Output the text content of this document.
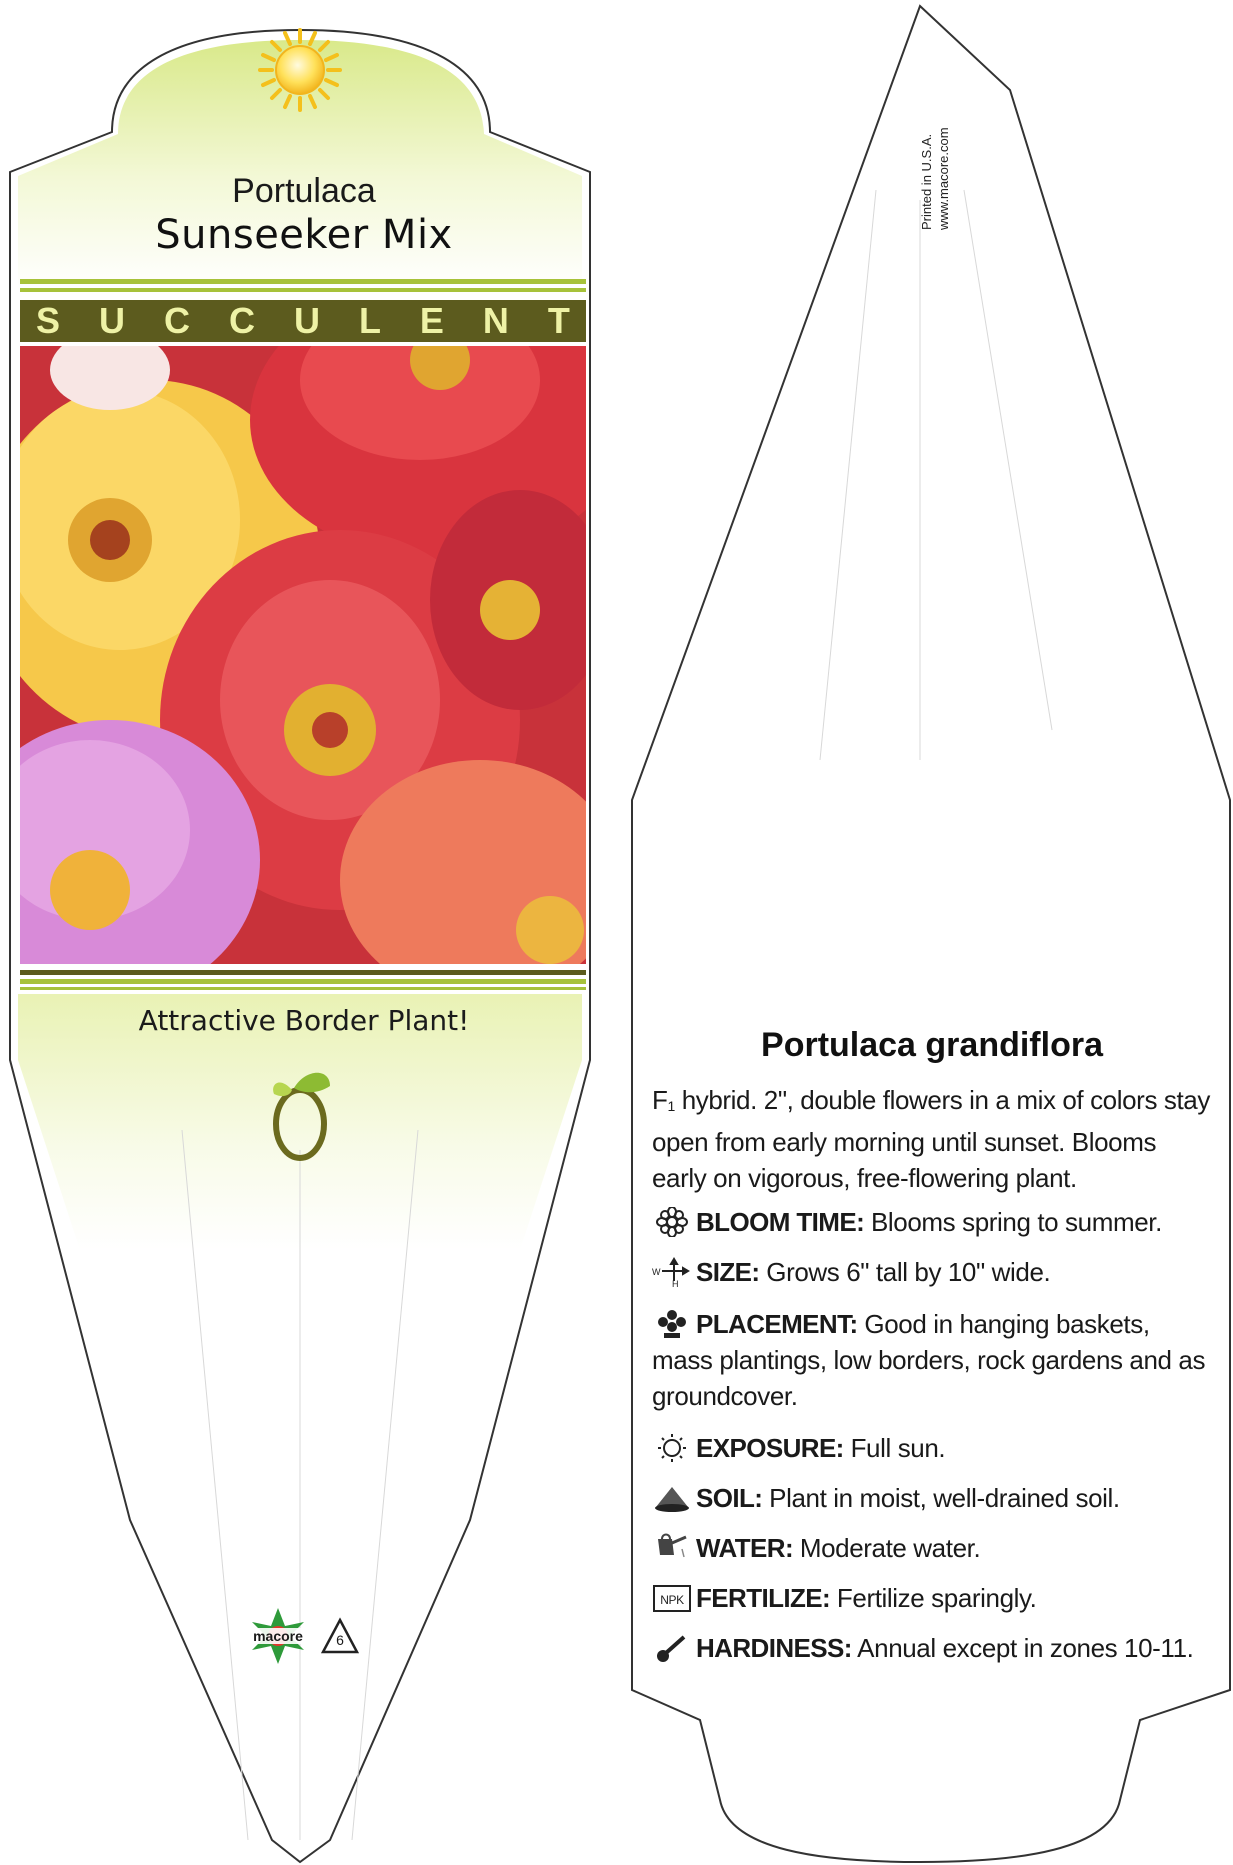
Portulaca
Sunseeker Mix
S U C C U L E N T
Attractive Border Plant!
macore	6
Printed in U.S.A. www.macore.com
Portulaca grandiflora
F1 hybrid. 2", double flowers in a mix of colors stay open from early morning until sunset. Blooms early on vigorous, free-flowering plant.
BLOOM TIME: Blooms spring to summer.
W
H SIZE: Grows 6" tall by 10" wide.
PLACEMENT: Good in hanging baskets, mass plantings, low borders, rock gardens and as groundcover.
EXPOSURE: Full sun.
SOIL: Plant in moist, well-drained soil.
WATER: Moderate water.
NPK FERTILIZE: Fertilize sparingly.
HARDINESS: Annual except in zones 10-11.
